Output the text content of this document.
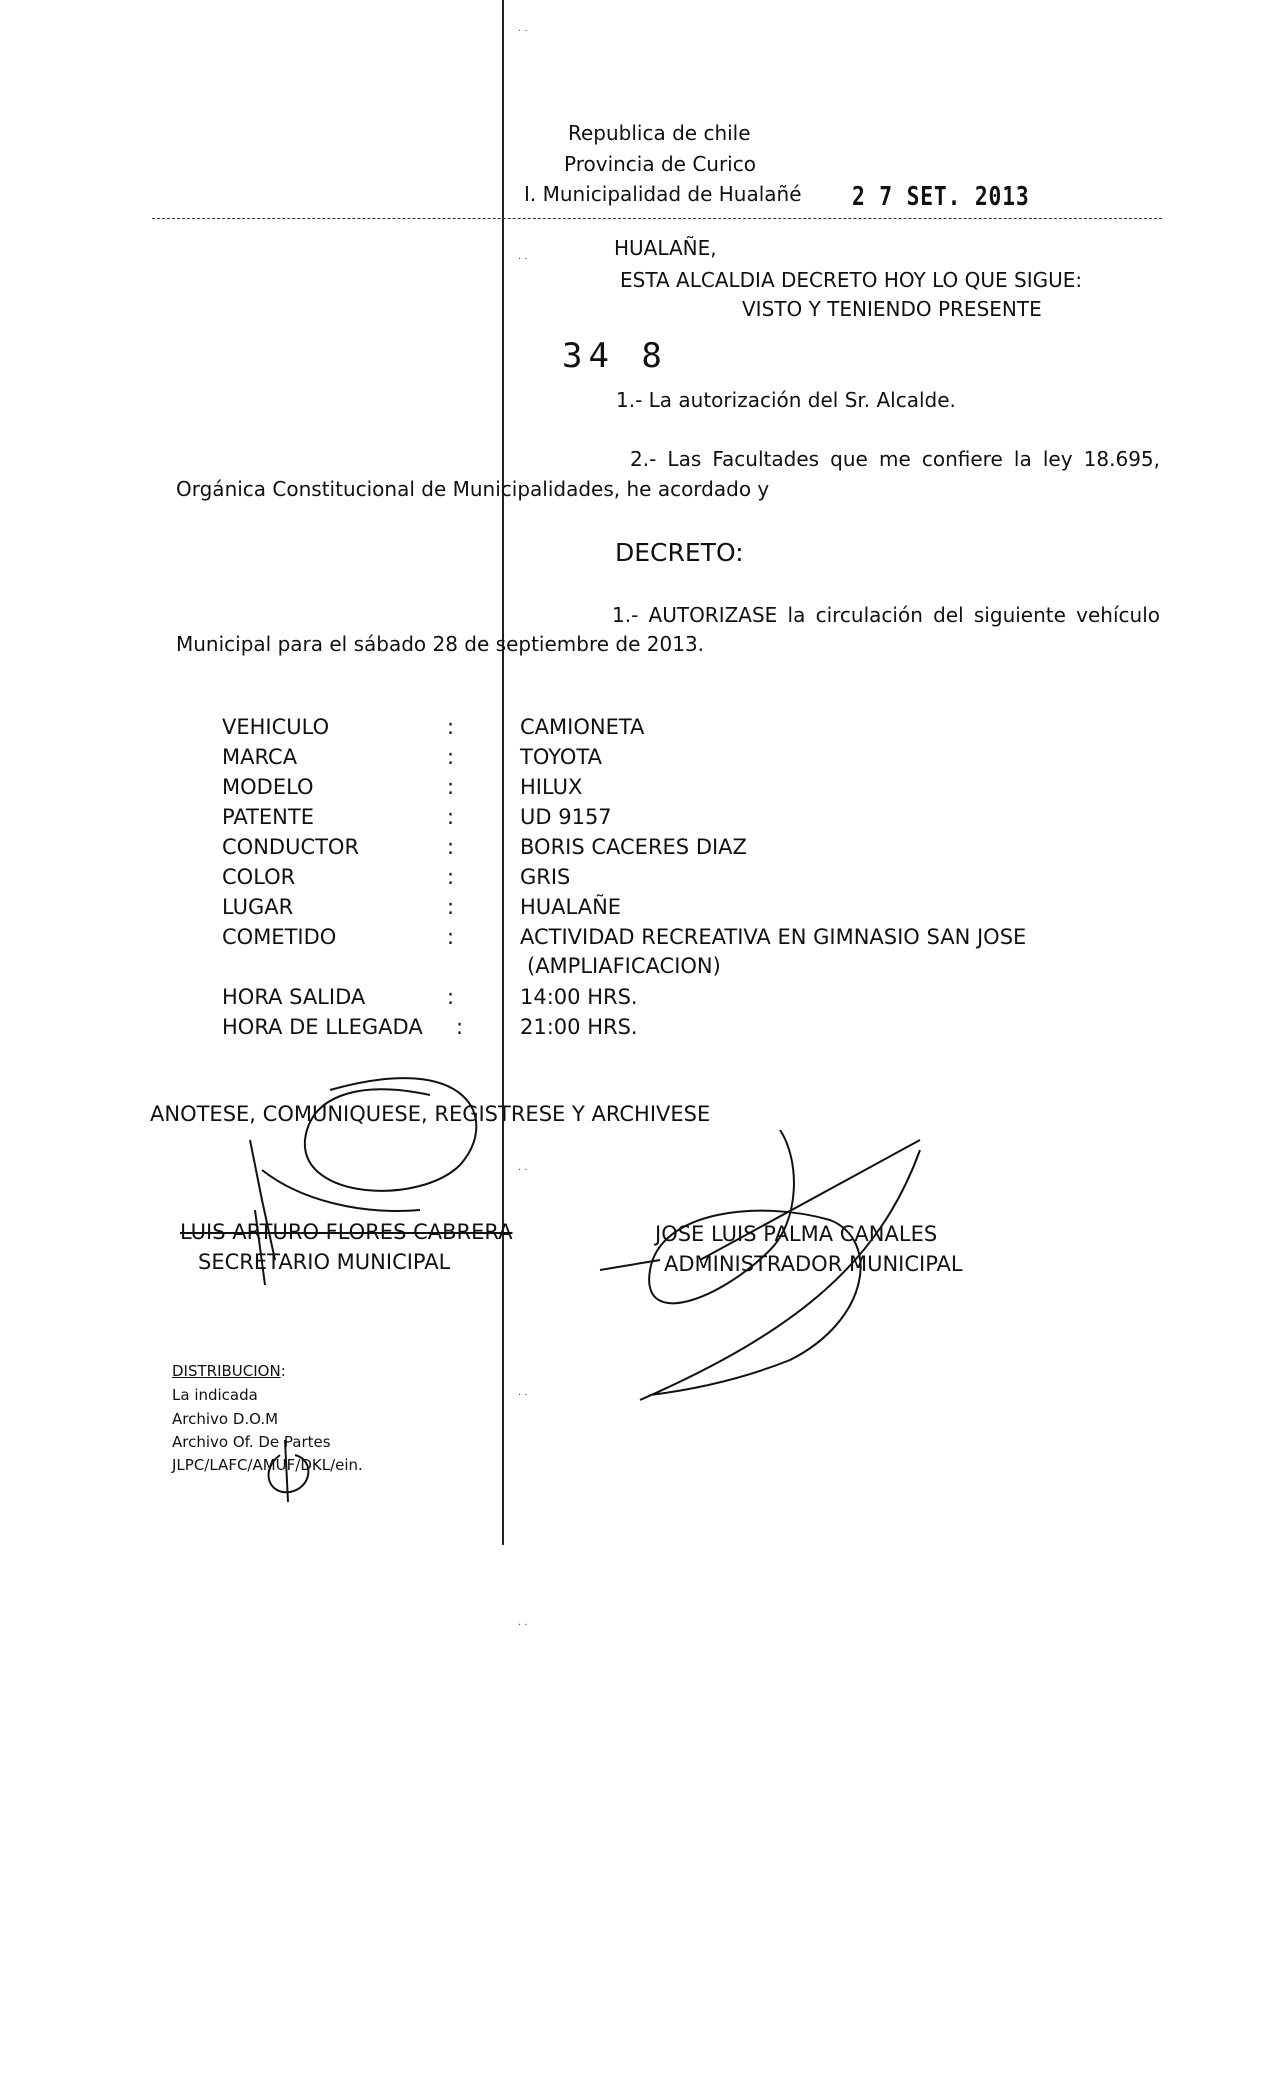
Republica de chile
Provincia de Curico
I. Municipalidad de Hualañé 2 7 SET. 2013
HUALAÑE,
ESTA ALCALDIA DECRETO HOY LO QUE SIGUE:
VISTO Y TENIENDO PRESENTE
34 8
1.- La autorización del Sr. Alcalde.
2.- Las Facultades que me confiere la ley 18.695,
Orgánica Constitucional de Municipalidades, he acordado y
DECRETO:
1.- AUTORIZASE la circulación del siguiente vehículo
Municipal para el sábado 28 de septiembre de 2013.
VEHICULO	:	CAMIONETA
MARCA	:	TOYOTA
MODELO	:	HILUX
PATENTE	:	UD 9157
CONDUCTOR	:	BORIS CACERES DIAZ
COLOR	:	GRIS
LUGAR	:	HUALAÑE
COMETIDO	:	ACTIVIDAD RECREATIVA EN GIMNASIO SAN JOSE
(AMPLIAFICACION)
HORA SALIDA	:	14:00 HRS.
HORA DE LLEGADA :	21:00 HRS.
ANOTESE, COMUNIQUESE, REGISTRESE Y ARCHIVESE
LUIS ARTURO FLORES CABRERA
SECRETARIO MUNICIPAL
JOSE LUIS PALMA CANALES
ADMINISTRADOR MUNICIPAL
DISTRIBUCION:
La indicada
Archivo D.O.M
Archivo Of. De Partes
JLPC/LAFC/AMUF/DKL/ein.
· ·
· ·
· ·
· ·
· ·
